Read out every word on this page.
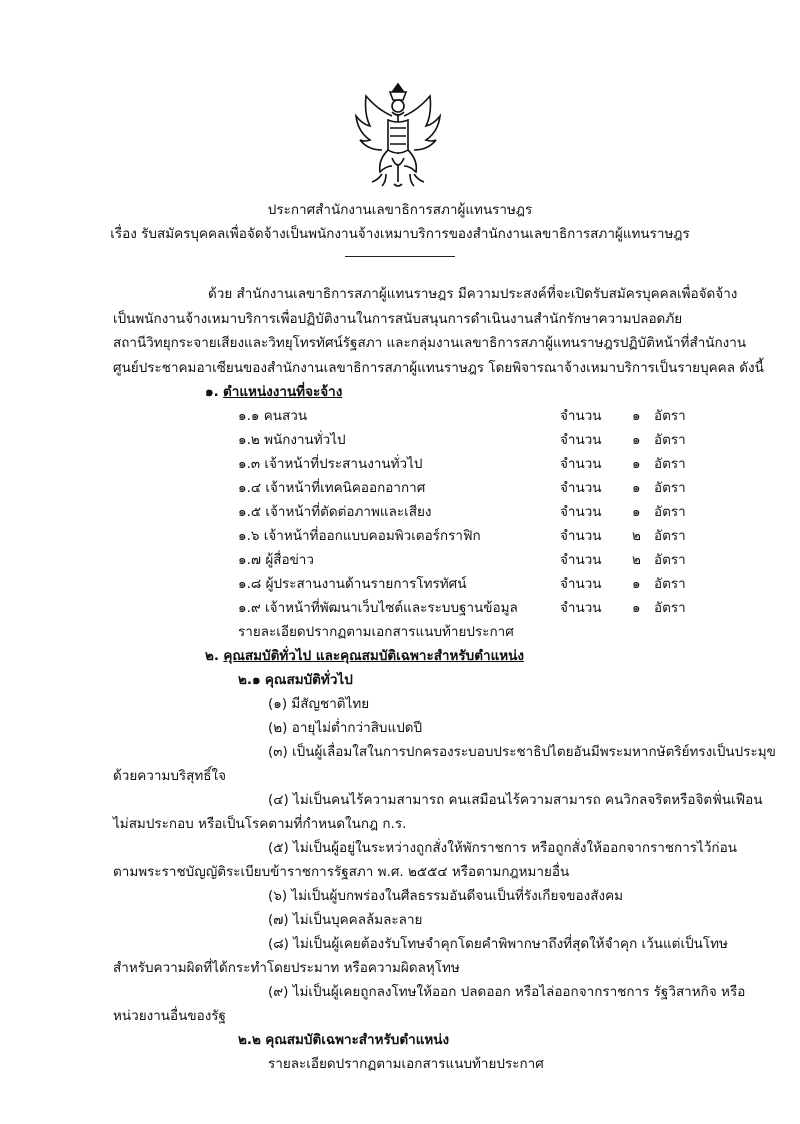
ประกาศสำนักงานเลขาธิการสภาผู้แทนราษฎร
เรื่อง รับสมัครบุคคลเพื่อจัดจ้างเป็นพนักงานจ้างเหมาบริการของสำนักงานเลขาธิการสภาผู้แทนราษฎร
ด้วย สำนักงานเลขาธิการสภาผู้แทนราษฎร มีความประสงค์ที่จะเปิดรับสมัครบุคคลเพื่อจัดจ้าง
เป็นพนักงานจ้างเหมาบริการเพื่อปฏิบัติงานในการสนับสนุนการดำเนินงานสำนักรักษาความปลอดภัย
สถานีวิทยุกระจายเสียงและวิทยุโทรทัศน์รัฐสภา และกลุ่มงานเลขาธิการสภาผู้แทนราษฎรปฏิบัติหน้าที่สำนักงาน
ศูนย์ประชาคมอาเซียนของสำนักงานเลขาธิการสภาผู้แทนราษฎร โดยพิจารณาจ้างเหมาบริการเป็นรายบุคคล ดังนี้
๑. ตำแหน่งงานที่จะจ้าง
๑.๑ คนสวน	จำนวน ๑ อัตรา
๑.๒ พนักงานทั่วไป	จำนวน ๑ อัตรา
๑.๓ เจ้าหน้าที่ประสานงานทั่วไป	จำนวน ๑ อัตรา
๑.๔ เจ้าหน้าที่เทคนิคออกอากาศ	จำนวน ๑ อัตรา
๑.๕ เจ้าหน้าที่ตัดต่อภาพและเสียง	จำนวน ๑ อัตรา
๑.๖ เจ้าหน้าที่ออกแบบคอมพิวเตอร์กราฟิก	จำนวน ๒ อัตรา
๑.๗ ผู้สื่อข่าว	จำนวน ๒ อัตรา
๑.๘ ผู้ประสานงานด้านรายการโทรทัศน์	จำนวน ๑ อัตรา
๑.๙ เจ้าหน้าที่พัฒนาเว็บไซต์และระบบฐานข้อมูล	จำนวน ๑ อัตรา
รายละเอียดปรากฏตามเอกสารแนบท้ายประกาศ
๒. คุณสมบัติทั่วไป และคุณสมบัติเฉพาะสำหรับตำแหน่ง
๒.๑ คุณสมบัติทั่วไป
(๑) มีสัญชาติไทย
(๒) อายุไม่ต่ำกว่าสิบแปดปี
(๓) เป็นผู้เลื่อมใสในการปกครองระบอบประชาธิปไตยอันมีพระมหากษัตริย์ทรงเป็นประมุข
ด้วยความบริสุทธิ์ใจ
(๔) ไม่เป็นคนไร้ความสามารถ คนเสมือนไร้ความสามารถ คนวิกลจริตหรือจิตฟั่นเฟือน
ไม่สมประกอบ หรือเป็นโรคตามที่กำหนดในกฎ ก.ร.
(๕) ไม่เป็นผู้อยู่ในระหว่างถูกสั่งให้พักราชการ หรือถูกสั่งให้ออกจากราชการไว้ก่อน
ตามพระราชบัญญัติระเบียบข้าราชการรัฐสภา พ.ศ. ๒๕๕๔ หรือตามกฎหมายอื่น
(๖) ไม่เป็นผู้บกพร่องในศีลธรรมอันดีจนเป็นที่รังเกียจของสังคม
(๗) ไม่เป็นบุคคลล้มละลาย
(๘) ไม่เป็นผู้เคยต้องรับโทษจำคุกโดยคำพิพากษาถึงที่สุดให้จำคุก เว้นแต่เป็นโทษ
สำหรับความผิดที่ได้กระทำโดยประมาท หรือความผิดลหุโทษ
(๙) ไม่เป็นผู้เคยถูกลงโทษให้ออก ปลดออก หรือไล่ออกจากราชการ รัฐวิสาหกิจ หรือ
หน่วยงานอื่นของรัฐ
๒.๒ คุณสมบัติเฉพาะสำหรับตำแหน่ง
รายละเอียดปรากฏตามเอกสารแนบท้ายประกาศ
